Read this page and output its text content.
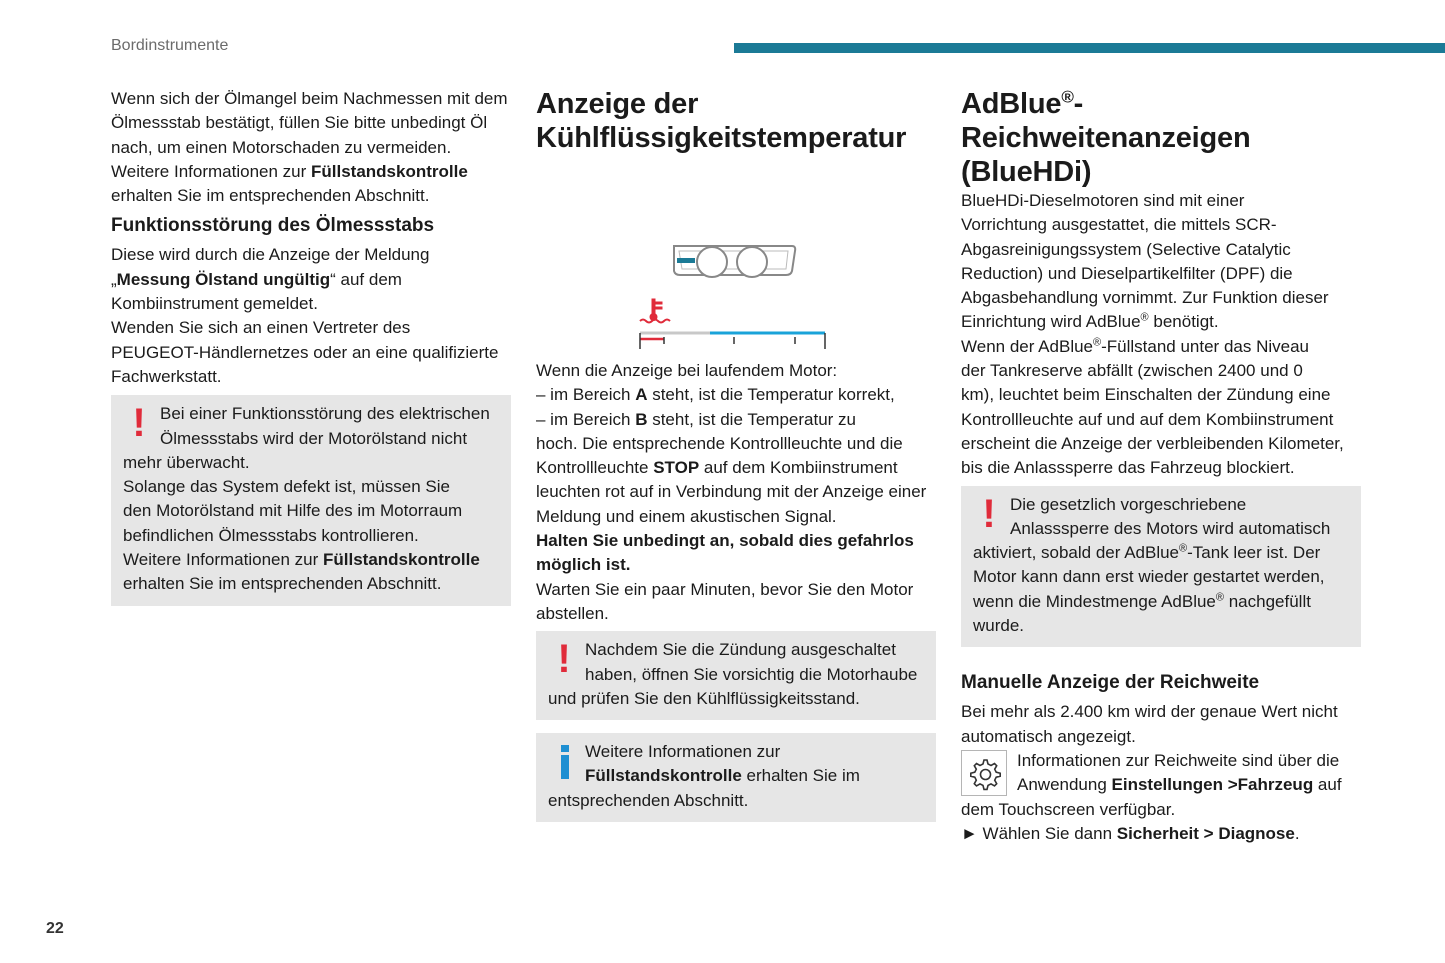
Bordinstrumente

Wenn sich der Ölmangel beim Nachmessen mit dem
Ölmessstab bestätigt, füllen Sie bitte unbedingt Öl
nach, um einen Motorschaden zu vermeiden.
Weitere Informationen zur Füllstandskontrolle
erhalten Sie im entsprechenden Abschnitt.

Funktionsstörung des Ölmessstabs

Diese wird durch die Anzeige der Meldung
„Messung Ölstand ungültig“ auf dem
Kombiinstrument gemeldet.
Wenden Sie sich an einen Vertreter des
PEUGEOT-Händlernetzes oder an eine qualifizierte
Fachwerkstatt.

! Bei einer Funktionsstörung des elektrischen
Ölmessstabs wird der Motorölstand nicht
mehr überwacht.
Solange das System defekt ist, müssen Sie
den Motorölstand mit Hilfe des im Motorraum
befindlichen Ölmessstabs kontrollieren.
Weitere Informationen zur Füllstandskontrolle
erhalten Sie im entsprechenden Abschnitt.
Anzeige der
Kühlflüssigkeitstemperatur

Wenn die Anzeige bei laufendem Motor:
– im Bereich A steht, ist die Temperatur korrekt,
– im Bereich B steht, ist die Temperatur zu
hoch. Die entsprechende Kontrollleuchte und die
Kontrollleuchte STOP auf dem Kombiinstrument
leuchten rot auf in Verbindung mit der Anzeige einer
Meldung und einem akustischen Signal.
Halten Sie unbedingt an, sobald dies gefahrlos
möglich ist.
Warten Sie ein paar Minuten, bevor Sie den Motor
abstellen.

! Nachdem Sie die Zündung ausgeschaltet
haben, öffnen Sie vorsichtig die Motorhaube
und prüfen Sie den Kühlflüssigkeitsstand.
Weitere Informationen zur
Füllstandskontrolle erhalten Sie im
entsprechenden Abschnitt.
AdBlue®-Reichweitenanzeigen
(BlueHDi)

BlueHDi-Dieselmotoren sind mit einer
Vorrichtung ausgestattet, die mittels SCR-
Abgasreinigungssystem (Selective Catalytic
Reduction) und Dieselpartikelfilter (DPF) die
Abgasbehandlung vornimmt. Zur Funktion dieser
Einrichtung wird AdBlue® benötigt.
Wenn der AdBlue®-Füllstand unter das Niveau
der Tankreserve abfällt (zwischen 2400 und 0
km), leuchtet beim Einschalten der Zündung eine
Kontrollleuchte auf und auf dem Kombiinstrument
erscheint die Anzeige der verbleibenden Kilometer,
bis die Anlasssperre das Fahrzeug blockiert.

! Die gesetzlich vorgeschriebene
Anlasssperre des Motors wird automatisch
aktiviert, sobald der AdBlue®-Tank leer ist. Der
Motor kann dann erst wieder gestartet werden,
wenn die Mindestmenge AdBlue® nachgefüllt
wurde.
Manuelle Anzeige der Reichweite

Bei mehr als 2.400 km wird der genaue Wert nicht
automatisch angezeigt.

Informationen zur Reichweite sind über die
Anwendung Einstellungen >Fahrzeug auf
dem Touchscreen verfügbar.
► Wählen Sie dann Sicherheit > Diagnose.

22
